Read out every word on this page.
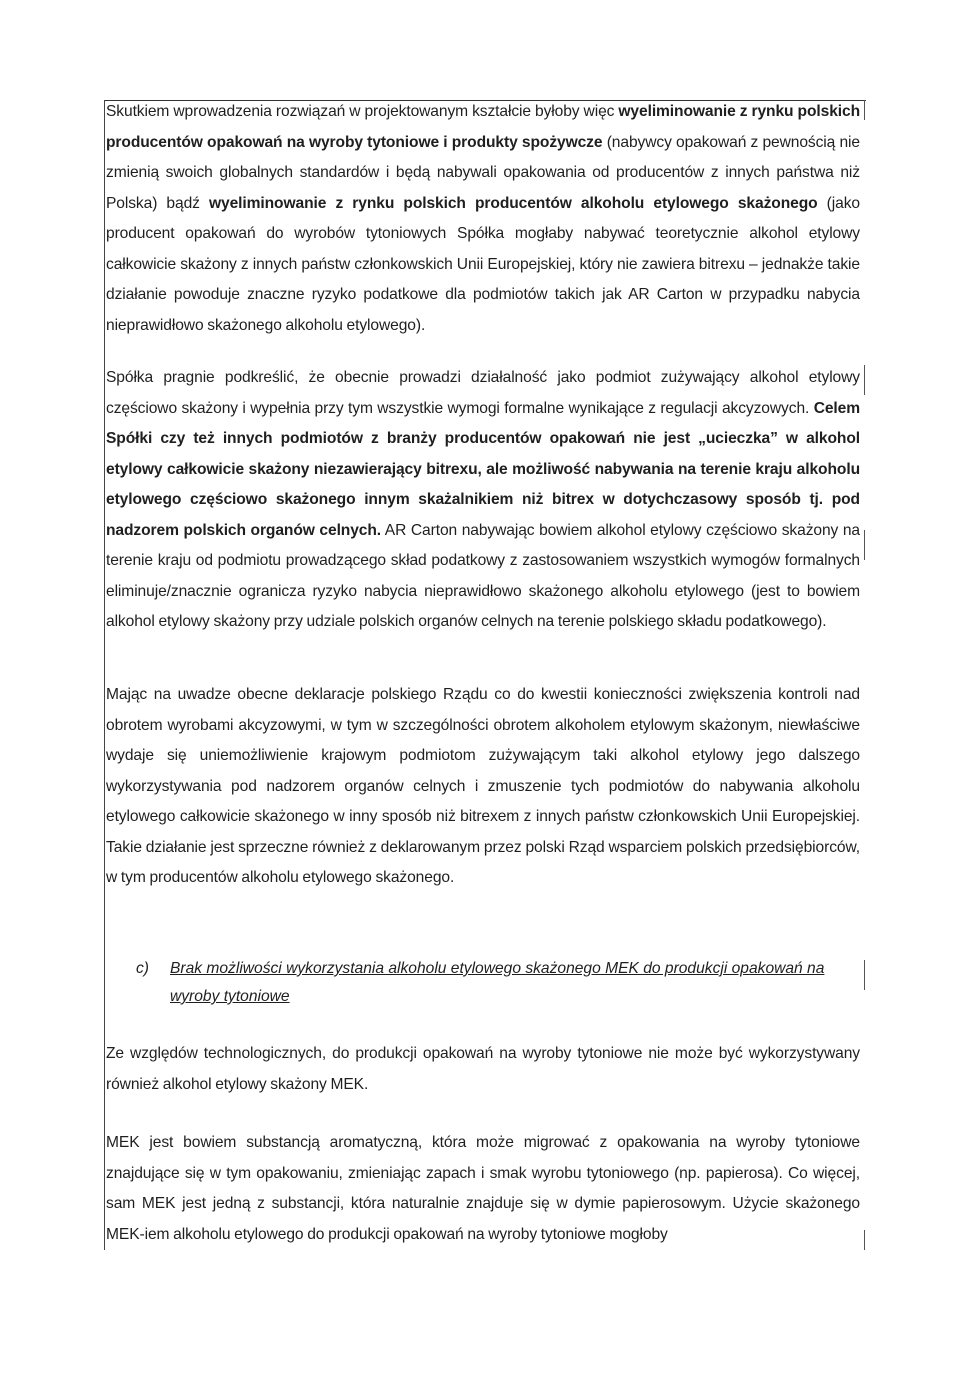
Skutkiem wprowadzenia rozwiązań w projektowanym kształcie byłoby więc wyeliminowanie z rynku polskich producentów opakowań na wyroby tytoniowe i produkty spożywcze (nabywcy opakowań z pewnością nie zmienią swoich globalnych standardów i będą nabywali opakowania od producentów z innych państwa niż Polska) bądź wyeliminowanie z rynku polskich producentów alkoholu etylowego skażonego (jako producent opakowań do wyrobów tytoniowych Spółka mogłaby nabywać teoretycznie alkohol etylowy całkowicie skażony z innych państw członkowskich Unii Europejskiej, który nie zawiera bitrexu – jednakże takie działanie powoduje znaczne ryzyko podatkowe dla podmiotów takich jak AR Carton w przypadku nabycia nieprawidłowo skażonego alkoholu etylowego).
Spółka pragnie podkreślić, że obecnie prowadzi działalność jako podmiot zużywający alkohol etylowy częściowo skażony i wypełnia przy tym wszystkie wymogi formalne wynikające z regulacji akcyzowych. Celem Spółki czy też innych podmiotów z branży producentów opakowań nie jest „ucieczka” w alkohol etylowy całkowicie skażony niezawierający bitrexu, ale możliwość nabywania na terenie kraju alkoholu etylowego częściowo skażonego innym skażalnikiem niż bitrex w dotychczasowy sposób tj. pod nadzorem polskich organów celnych. AR Carton nabywając bowiem alkohol etylowy częściowo skażony na terenie kraju od podmiotu prowadzącego skład podatkowy z zastosowaniem wszystkich wymogów formalnych eliminuje/znacznie ogranicza ryzyko nabycia nieprawidłowo skażonego alkoholu etylowego (jest to bowiem alkohol etylowy skażony przy udziale polskich organów celnych na terenie polskiego składu podatkowego).
Mając na uwadze obecne deklaracje polskiego Rządu co do kwestii konieczności zwiększenia kontroli nad obrotem wyrobami akcyzowymi, w tym w szczególności obrotem alkoholem etylowym skażonym, niewłaściwe wydaje się uniemożliwienie krajowym podmiotom zużywającym taki alkohol etylowy jego dalszego wykorzystywania pod nadzorem organów celnych i zmuszenie tych podmiotów do nabywania alkoholu etylowego całkowicie skażonego w inny sposób niż bitrexem z innych państw członkowskich Unii Europejskiej. Takie działanie jest sprzeczne również z deklarowanym przez polski Rząd wsparciem polskich przedsiębiorców, w tym producentów alkoholu etylowego skażonego.
c) Brak możliwości wykorzystania alkoholu etylowego skażonego MEK do produkcji opakowań na wyroby tytoniowe
Ze względów technologicznych, do produkcji opakowań na wyroby tytoniowe nie może być wykorzystywany również alkohol etylowy skażony MEK.
MEK jest bowiem substancją aromatyczną, która może migrować z opakowania na wyroby tytoniowe znajdujące się w tym opakowaniu, zmieniając zapach i smak wyrobu tytoniowego (np. papierosa). Co więcej, sam MEK jest jedną z substancji, która naturalnie znajduje się w dymie papierosowym. Użycie skażonego MEK-iem alkoholu etylowego do produkcji opakowań na wyroby tytoniowe mogłoby
